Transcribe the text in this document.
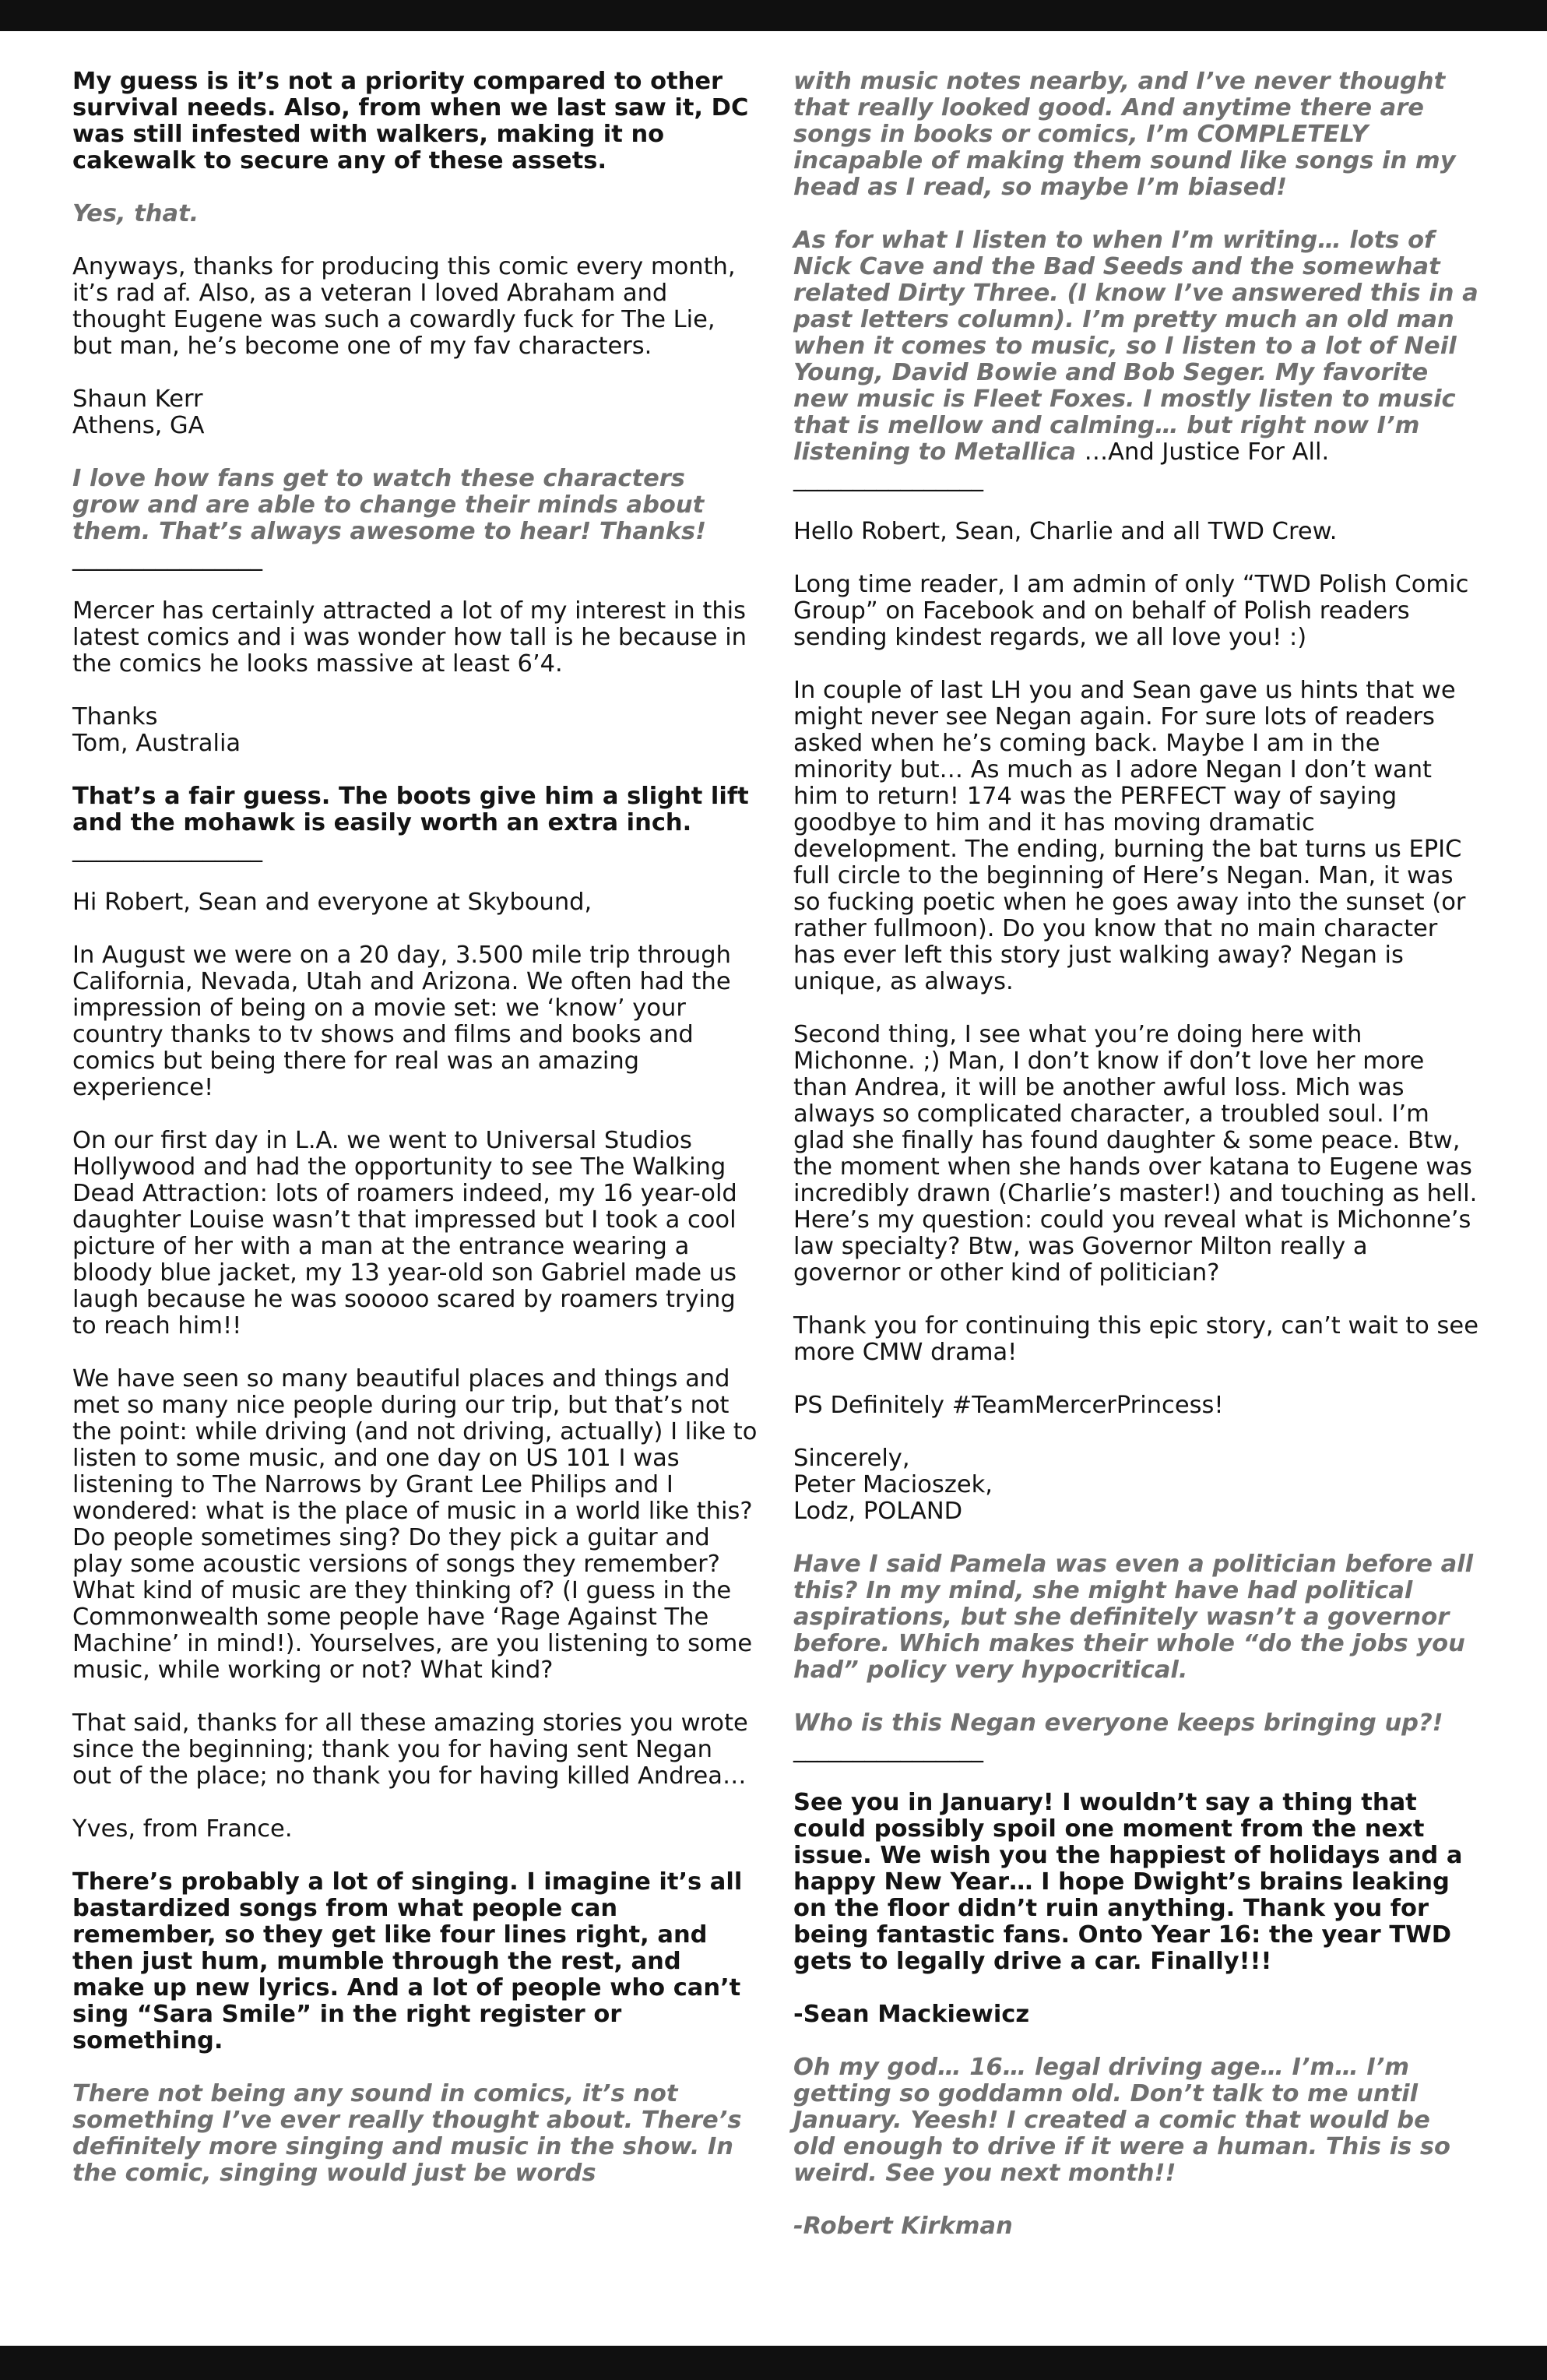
My guess is it’s not a priority compared to other survival needs. Also, from when we last saw it, DC was still infested with walkers, making it no cakewalk to secure any of these assets.

Yes, that.

Anyways, thanks for producing this comic every month, it’s rad af. Also, as a veteran I loved Abraham and thought Eugene was such a cowardly fuck for The Lie, but man, he’s become one of my fav characters.

Shaun Kerr
Athens, GA

I love how fans get to watch these characters grow and are able to change their minds about them. That’s always awesome to hear! Thanks!

________________

Mercer has certainly attracted a lot of my interest in this latest comics and i was wonder how tall is he because in the comics he looks massive at least 6’4.

Thanks
Tom, Australia

That’s a fair guess. The boots give him a slight lift and the mohawk is easily worth an extra inch.

________________

Hi Robert, Sean and everyone at Skybound,

In August we were on a 20 day, 3.500 mile trip through California, Nevada, Utah and Arizona. We often had the impression of being on a movie set: we ‘know’ your country thanks to tv shows and films and books and comics but being there for real was an amazing experience!

On our first day in L.A. we went to Universal Studios Hollywood and had the opportunity to see The Walking Dead Attraction: lots of roamers indeed, my 16 year-old daughter Louise wasn’t that impressed but I took a cool picture of her with a man at the entrance wearing a bloody blue jacket, my 13 year-old son Gabriel made us laugh because he was sooooo scared by roamers trying to reach him!!

We have seen so many beautiful places and things and met so many nice people during our trip, but that’s not the point: while driving (and not driving, actually) I like to listen to some music, and one day on US 101 I was listening to The Narrows by Grant Lee Philips and I wondered: what is the place of music in a world like this? Do people sometimes sing? Do they pick a guitar and play some acoustic versions of songs they remember? What kind of music are they thinking of? (I guess in the Commonwealth some people have ‘Rage Against The Machine’ in mind!). Yourselves, are you listening to some music, while working or not? What kind?

That said, thanks for all these amazing stories you wrote since the beginning; thank you for having sent Negan out of the place; no thank you for having killed Andrea…

Yves, from France.

There’s probably a lot of singing. I imagine it’s all bastardized songs from what people can remember, so they get like four lines right, and then just hum, mumble through the rest, and make up new lyrics. And a lot of people who can’t sing “Sara Smile” in the right register or something.

There not being any sound in comics, it’s not something I’ve ever really thought about. There’s definitely more singing and music in the show. In the comic, singing would just be words

with music notes nearby, and I’ve never thought that really looked good. And anytime there are songs in books or comics, I’m COMPLETELY incapable of making them sound like songs in my head as I read, so maybe I’m biased!

As for what I listen to when I’m writing… lots of Nick Cave and the Bad Seeds and the somewhat related Dirty Three. (I know I’ve answered this in a past letters column). I’m pretty much an old man when it comes to music, so I listen to a lot of Neil Young, David Bowie and Bob Seger. My favorite new music is Fleet Foxes. I mostly listen to music that is mellow and calming… but right now I’m listening to Metallica …And Justice For All.

________________

Hello Robert, Sean, Charlie and all TWD Crew.

Long time reader, I am admin of only “TWD Polish Comic Group” on Facebook and on behalf of Polish readers sending kindest regards, we all love you! :)

In couple of last LH you and Sean gave us hints that we might never see Negan again. For sure lots of readers asked when he’s coming back. Maybe I am in the minority but… As much as I adore Negan I don’t want him to return! 174 was the PERFECT way of saying goodbye to him and it has moving dramatic development. The ending, burning the bat turns us EPIC full circle to the beginning of Here’s Negan. Man, it was so fucking poetic when he goes away into the sunset (or rather fullmoon). Do you know that no main character has ever left this story just walking away? Negan is unique, as always.

Second thing, I see what you’re doing here with Michonne. ;) Man, I don’t know if don’t love her more than Andrea, it will be another awful loss. Mich was always so complicated character, a troubled soul. I’m glad she finally has found daughter & some peace. Btw, the moment when she hands over katana to Eugene was incredibly drawn (Charlie’s master!) and touching as hell. Here’s my question: could you reveal what is Michonne’s law specialty? Btw, was Governor Milton really a governor or other kind of politician?

Thank you for continuing this epic story, can’t wait to see more CMW drama!

PS Definitely #TeamMercerPrincess!

Sincerely,
Peter Macioszek,
Lodz, POLAND

Have I said Pamela was even a politician before all this? In my mind, she might have had political aspirations, but she definitely wasn’t a governor before. Which makes their whole “do the jobs you had” policy very hypocritical.

Who is this Negan everyone keeps bringing up?!

________________

See you in January! I wouldn’t say a thing that could possibly spoil one moment from the next issue. We wish you the happiest of holidays and a happy New Year… I hope Dwight’s brains leaking on the floor didn’t ruin anything. Thank you for being fantastic fans. Onto Year 16: the year TWD gets to legally drive a car. Finally!!!

-Sean Mackiewicz

Oh my god… 16… legal driving age… I’m… I’m getting so goddamn old. Don’t talk to me until January. Yeesh! I created a comic that would be old enough to drive if it were a human. This is so weird. See you next month!!

-Robert Kirkman
